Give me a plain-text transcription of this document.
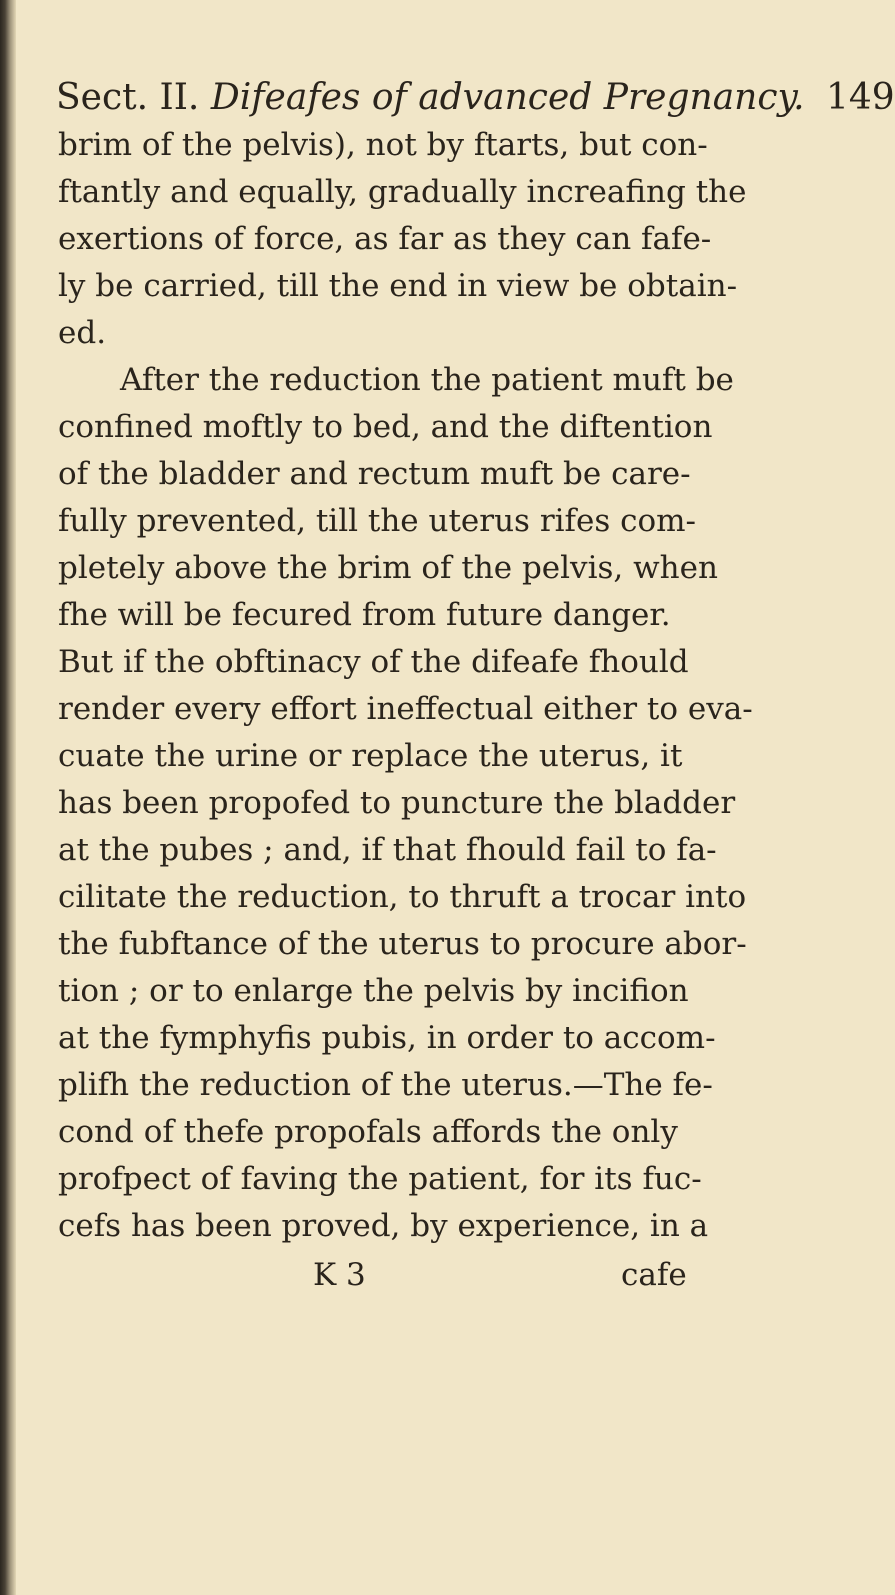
Sect. II. Difeafes of advanced Pregnancy. 149
brim of the pelvis), not by ftarts, but con-
ftantly and equally, gradually increafing the
exertions of force, as far as they can fafe-
ly be carried, till the end in view be obtain-
ed.
After the reduction the patient muft be
confined moftly to bed, and the diftention
of the bladder and rectum muft be care-
fully prevented, till the uterus rifes com-
pletely above the brim of the pelvis, when
fhe will be fecured from future danger.
But if the obftinacy of the difeafe fhould
render every effort ineffectual either to eva-
cuate the urine or replace the uterus, it
has been propofed to puncture the bladder
at the pubes ; and, if that fhould fail to fa-
cilitate the reduction, to thruft a trocar into
the fubftance of the uterus to procure abor-
tion ; or to enlarge the pelvis by incifion
at the fymphyfis pubis, in order to accom-
plifh the reduction of the uterus.—The fe-
cond of thefe propofals affords the only
profpect of faving the patient, for its fuc-
cefs has been proved, by experience, in a
K 3	cafe
